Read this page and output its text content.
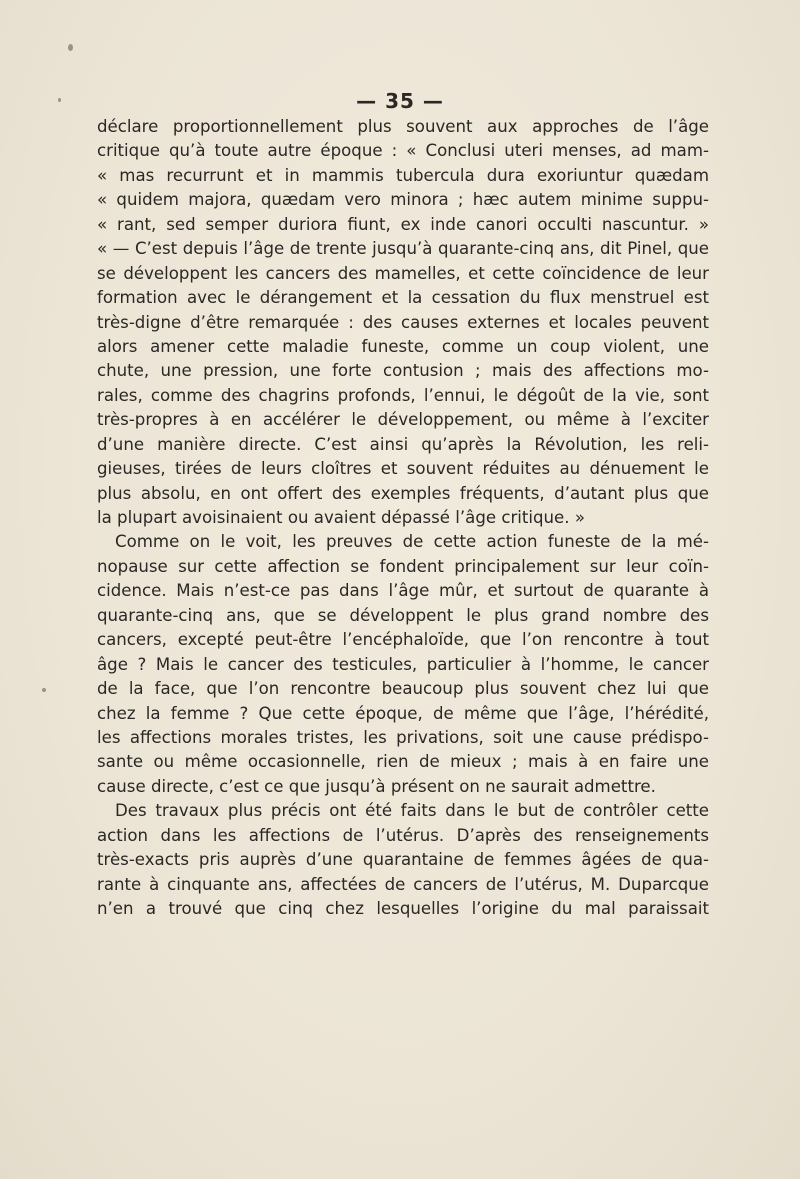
— 35 —
déclare proportionnellement plus souvent aux approches de l’âge
critique qu’à toute autre époque : « Conclusi uteri menses, ad mam-
« mas recurrunt et in mammis tubercula dura exoriuntur quædam
« quidem majora, quædam vero minora ; hæc autem minime suppu-
« rant, sed semper duriora fiunt, ex inde canori occulti nascuntur. »
« — C’est depuis l’âge de trente jusqu’à quarante-cinq ans, dit Pinel, que
se développent les cancers des mamelles, et cette coïncidence de leur
formation avec le dérangement et la cessation du flux menstruel est
très-digne d’être remarquée : des causes externes et locales peuvent
alors amener cette maladie funeste, comme un coup violent, une
chute, une pression, une forte contusion ; mais des affections mo-
rales, comme des chagrins profonds, l’ennui, le dégoût de la vie, sont
très-propres à en accélérer le développement, ou même à l’exciter
d’une manière directe. C’est ainsi qu’après la Révolution, les reli-
gieuses, tirées de leurs cloîtres et souvent réduites au dénuement le
plus absolu, en ont offert des exemples fréquents, d’autant plus que
la plupart avoisinaient ou avaient dépassé l’âge critique. »
Comme on le voit, les preuves de cette action funeste de la mé-
nopause sur cette affection se fondent principalement sur leur coïn-
cidence. Mais n’est-ce pas dans l’âge mûr, et surtout de quarante à
quarante-cinq ans, que se développent le plus grand nombre des
cancers, excepté peut-être l’encéphaloïde, que l’on rencontre à tout
âge ? Mais le cancer des testicules, particulier à l’homme, le cancer
de la face, que l’on rencontre beaucoup plus souvent chez lui que
chez la femme ? Que cette époque, de même que l’âge, l’hérédité,
les affections morales tristes, les privations, soit une cause prédispo-
sante ou même occasionnelle, rien de mieux ; mais à en faire une
cause directe, c’est ce que jusqu’à présent on ne saurait admettre.
Des travaux plus précis ont été faits dans le but de contrôler cette
action dans les affections de l’utérus. D’après des renseignements
très-exacts pris auprès d’une quarantaine de femmes âgées de qua-
rante à cinquante ans, affectées de cancers de l’utérus, M. Duparcque
n’en a trouvé que cinq chez lesquelles l’origine du mal paraissait
